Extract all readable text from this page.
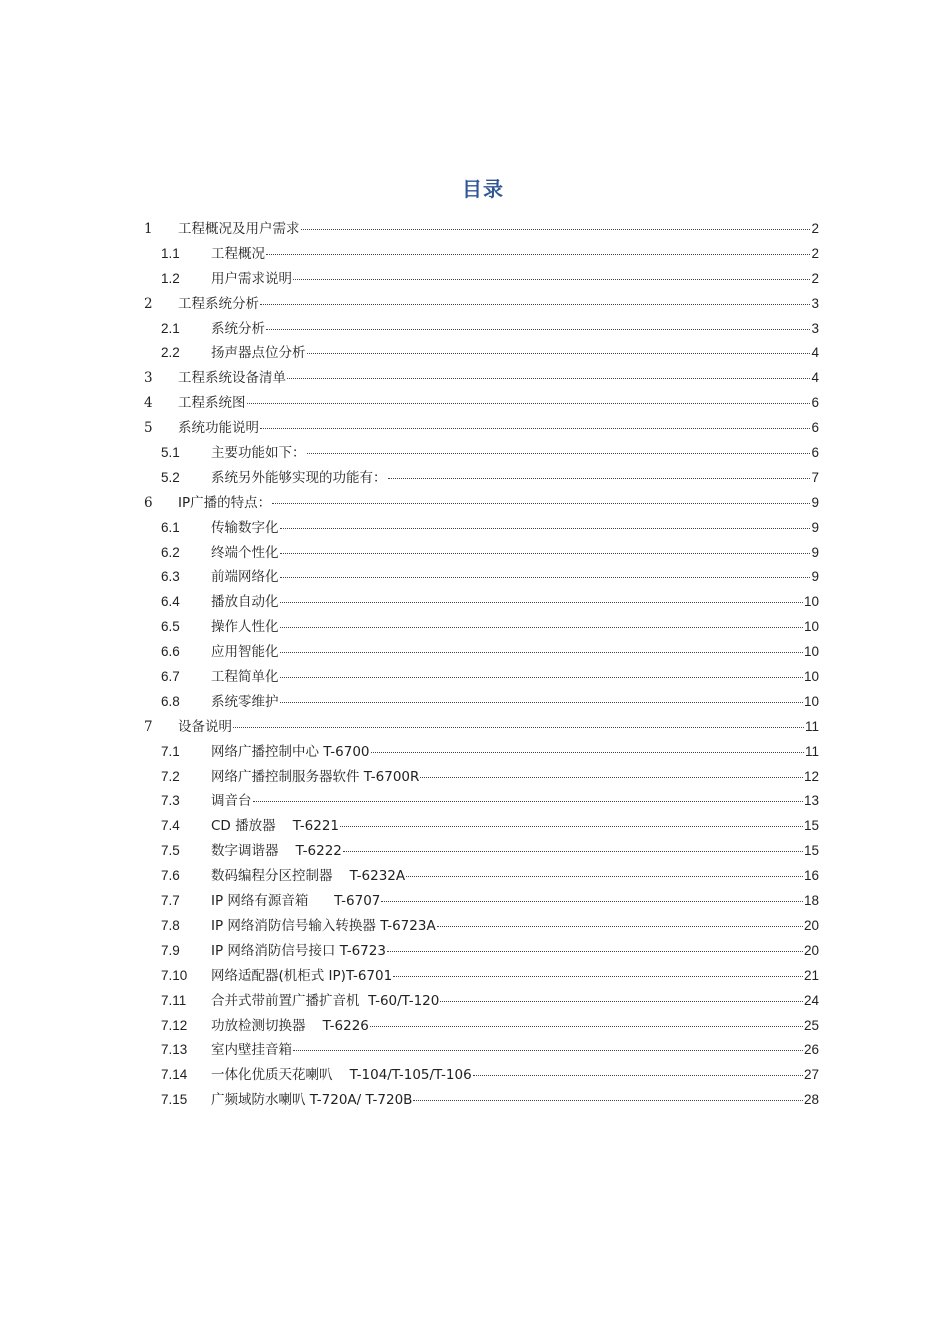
目录
1	工程概况及用户需求	2
1.1	工程概况	2
1.2	用户需求说明	2
2	工程系统分析	3
2.1	系统分析	3
2.2	扬声器点位分析	4
3	工程系统设备清单	4
4	工程系统图	6
5	系统功能说明	6
5.1	主要功能如下：	6
5.2	系统另外能够实现的功能有：	7
6	IP广播的特点：	9
6.1	传输数字化	9
6.2	终端个性化	9
6.3	前端网络化	9
6.4	播放自动化	10
6.5	操作人性化	10
6.6	应用智能化	10
6.7	工程简单化	10
6.8	系统零维护	10
7	设备说明	11
7.1	网络广播控制中心 T-6700	11
7.2	网络广播控制服务器软件 T-6700R	12
7.3	调音台	13
7.4	CD 播放器    T-6221	15
7.5	数字调谐器    T-6222	15
7.6	数码编程分区控制器    T-6232A	16
7.7	IP 网络有源音箱      T-6707	18
7.8	IP 网络消防信号输入转换器 T-6723A	20
7.9	IP 网络消防信号接口 T-6723	20
7.10	网络适配器(机柜式 IP)T-6701	21
7.11	合并式带前置广播扩音机  T-60/T-120	24
7.12	功放检测切换器    T-6226	25
7.13	室内壁挂音箱	26
7.14	一体化优质天花喇叭    T-104/T-105/T-106	27
7.15	广频域防水喇叭 T-720A/ T-720B	28
